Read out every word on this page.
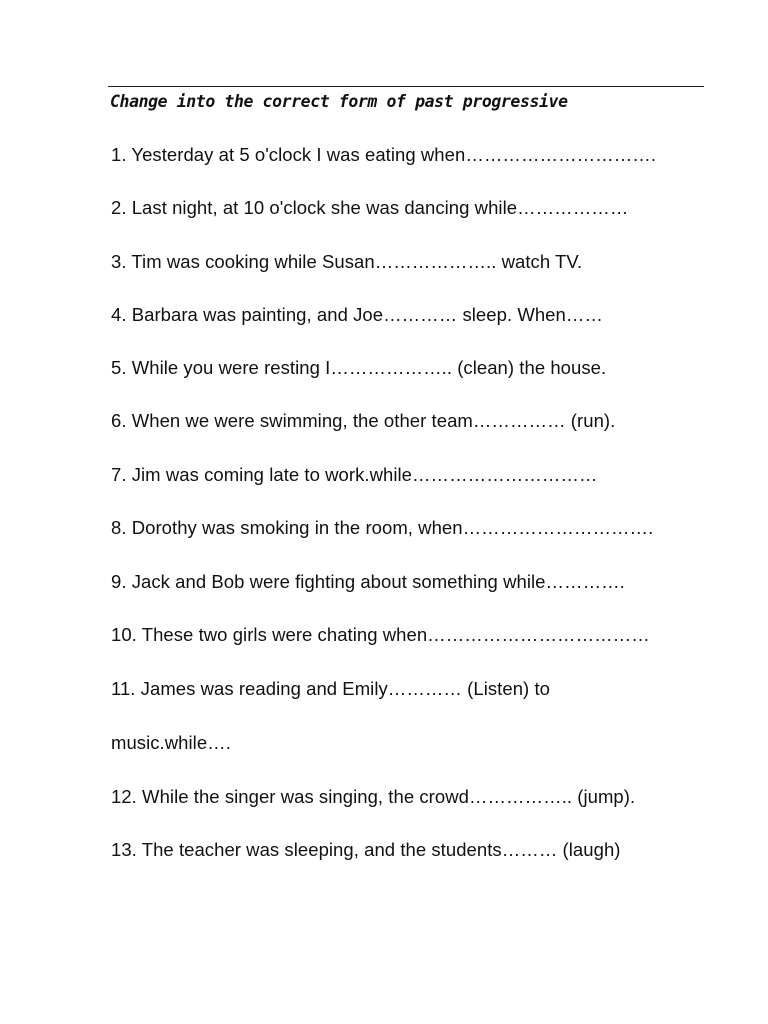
Change into the correct form of past progressive
1. Yesterday at 5 o'clock I was eating when………………………….
2. Last night, at 10 o'clock she was dancing while………………
3. Tim was cooking while Susan……………….. watch TV.
4. Barbara was painting, and Joe………… sleep. When……
5. While you were resting I……………….. (clean) the house.
6. When we were swimming, the other team…………… (run).
7. Jim was coming late to work.while…………………………
8. Dorothy was smoking in the room, when………………………….
9. Jack and Bob were fighting about something while………….
10. These two girls were chating when………………………………
11. James was reading and Emily………… (Listen) to
music.while….
12. While the singer was singing, the crowd…………….. (jump).
13. The teacher was sleeping, and the students……… (laugh)
